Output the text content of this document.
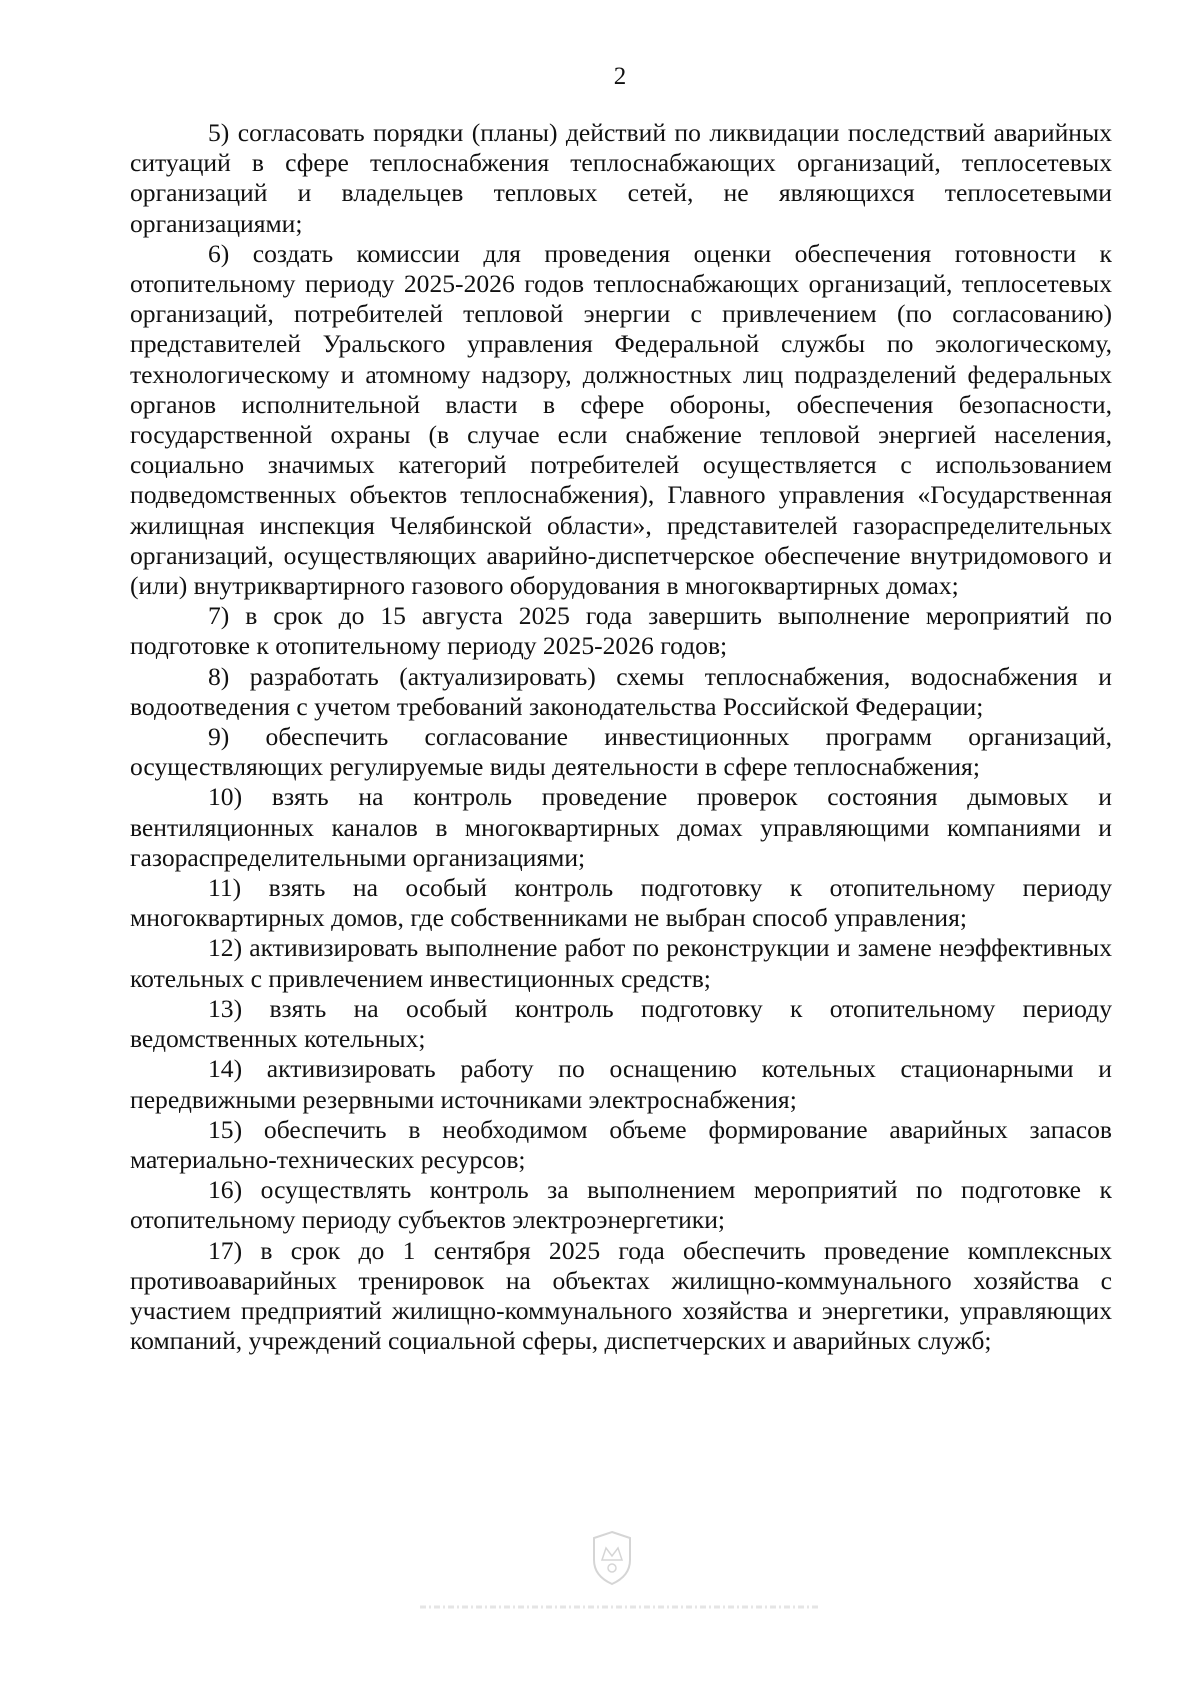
2

5) согласовать порядки (планы) действий по ликвидации последствий аварийных ситуаций в сфере теплоснабжения теплоснабжающих организаций, теплосетевых организаций и владельцев тепловых сетей, не являющихся теплосетевыми организациями;

6) создать комиссии для проведения оценки обеспечения готовности к отопительному периоду 2025-2026 годов теплоснабжающих организаций, теплосетевых организаций, потребителей тепловой энергии с привлечением (по согласованию) представителей Уральского управления Федеральной службы по экологическому, технологическому и атомному надзору, должностных лиц подразделений федеральных органов исполнительной власти в сфере обороны, обеспечения безопасности, государственной охраны (в случае если снабжение тепловой энергией населения, социально значимых категорий потребителей осуществляется с использованием подведомственных объектов теплоснабжения), Главного управления «Государственная жилищная инспекция Челябинской области», представителей газораспределительных организаций, осуществляющих аварийно-диспетчерское обеспечение внутридомового и (или) внутриквартирного газового оборудования в многоквартирных домах;

7) в срок до 15 августа 2025 года завершить выполнение мероприятий по подготовке к отопительному периоду 2025-2026 годов;

8) разработать (актуализировать) схемы теплоснабжения, водоснабжения и водоотведения с учетом требований законодательства Российской Федерации;

9) обеспечить согласование инвестиционных программ организаций, осуществляющих регулируемые виды деятельности в сфере теплоснабжения;

10) взять на контроль проведение проверок состояния дымовых и вентиляционных каналов в многоквартирных домах управляющими компаниями и газораспределительными организациями;

11) взять на особый контроль подготовку к отопительному периоду многоквартирных домов, где собственниками не выбран способ управления;

12) активизировать выполнение работ по реконструкции и замене неэффективных котельных с привлечением инвестиционных средств;

13) взять на особый контроль подготовку к отопительному периоду ведомственных котельных;

14) активизировать работу по оснащению котельных стационарными и передвижными резервными источниками электроснабжения;

15) обеспечить в необходимом объеме формирование аварийных запасов материально-технических ресурсов;

16) осуществлять контроль за выполнением мероприятий по подготовке к отопительному периоду субъектов электроэнергетики;

17) в срок до 1 сентября 2025 года обеспечить проведение комплексных противоаварийных тренировок на объектах жилищно-коммунального хозяйства с участием предприятий жилищно-коммунального хозяйства и энергетики, управляющих компаний, учреждений социальной сферы, диспетчерских и аварийных служб;
